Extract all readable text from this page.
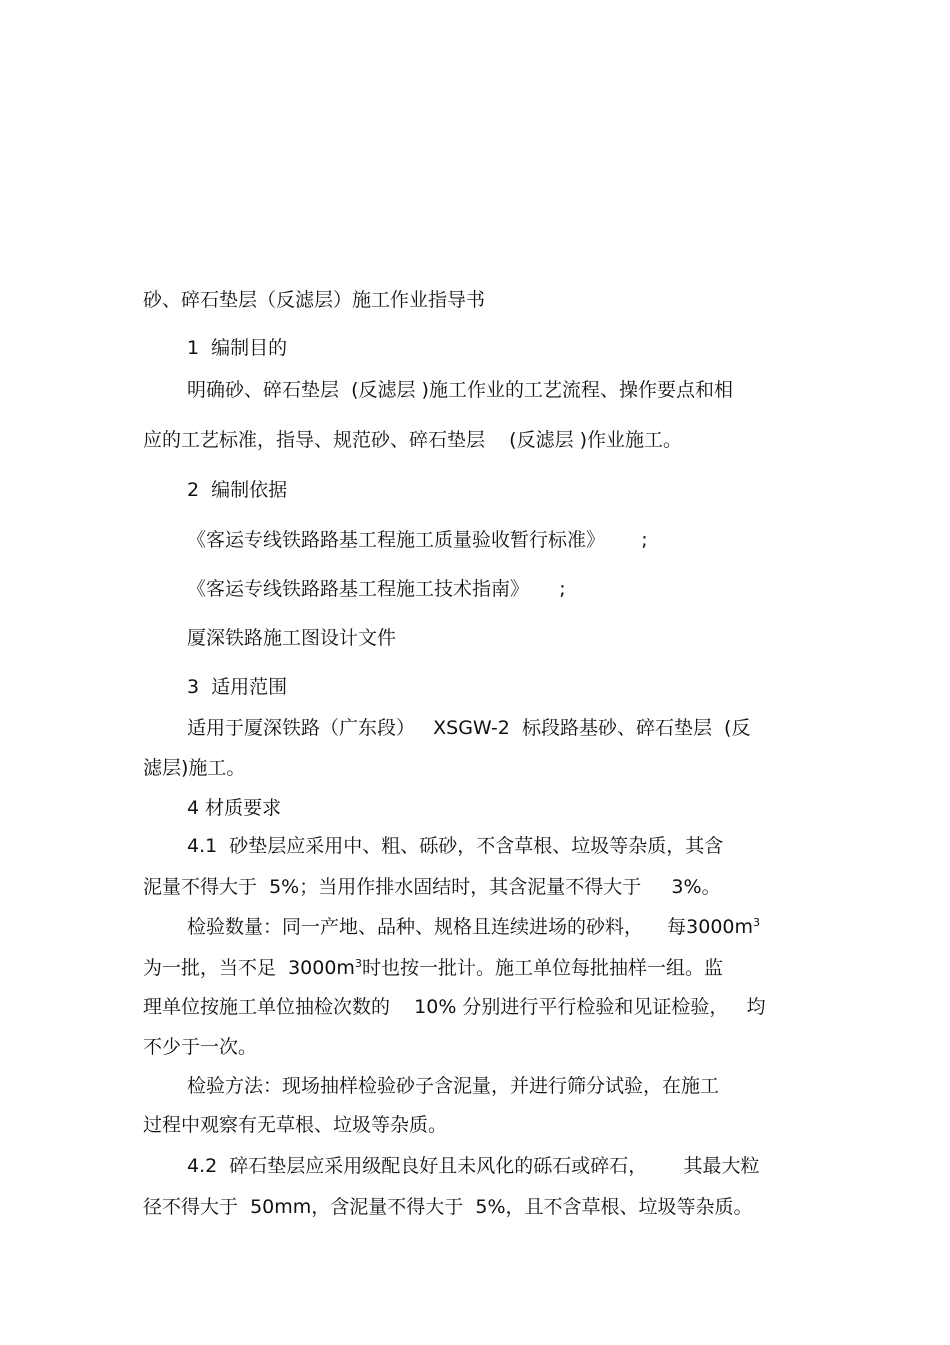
砂、碎石垫层（反滤层）施工作业指导书
1  编制目的
明确砂、碎石垫层  (反滤层 )施工作业的工艺流程、操作要点和相
应的工艺标准，指导、规范砂、碎石垫层    (反滤层 )作业施工。
2  编制依据
《客运专线铁路路基工程施工质量验收暂行标准》      ;
《客运专线铁路路基工程施工技术指南》     ;
厦深铁路施工图设计文件
3  适用范围
适用于厦深铁路（广东段）   XSGW-2  标段路基砂、碎石垫层  (反
滤层)施工。
4 材质要求
4.1  砂垫层应采用中、粗、砾砂，不含草根、垃圾等杂质，其含
泥量不得大于  5%；当用作排水固结时，其含泥量不得大于     3%。
检验数量：同一产地、品种、规格且连续进场的砂料，    每$3000m^3$
为一批，当不足  $3000m^3$时也按一批计。施工单位每批抽样一组。监
理单位按施工单位抽检次数的    10% 分别进行平行检验和见证检验，   均
不少于一次。
检验方法：现场抽样检验砂子含泥量，并进行筛分试验，在施工
过程中观察有无草根、垃圾等杂质。
4.2  碎石垫层应采用级配良好且未风化的砾石或碎石，      其最大粒
径不得大于  50mm，含泥量不得大于  5%，且不含草根、垃圾等杂质。
